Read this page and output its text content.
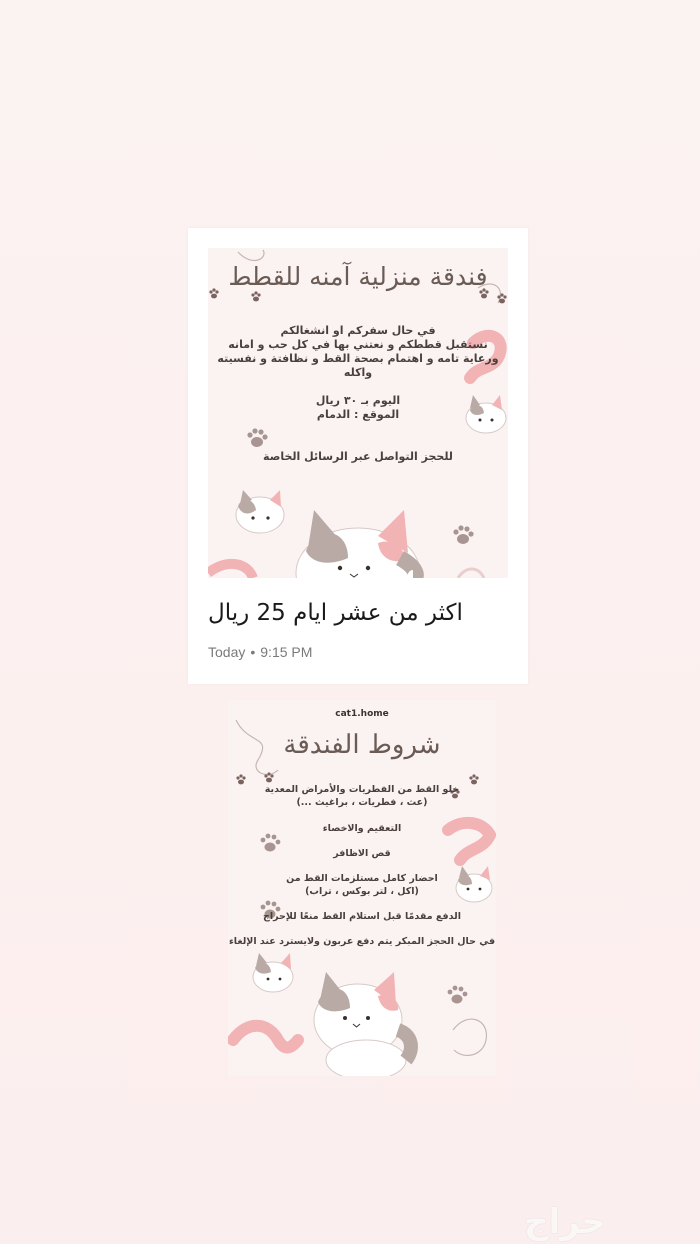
فندقة منزلية آمنه للقطط
في حال سفركم او انشغالكم
نستقبل قططكم و نعتني بها في كل حب و امانه
ورعاية تامه و اهتمام بصحة القط و نظافتة و نفسيته
واكله
اليوم بـ ٣٠ ريال
الموقع : الدمام
للحجز التواصل عبر الرسائل الخاصة
اكثر من عشر ايام 25 ريال
Today • 9:15 PM
cat1.home
شروط الفندقة
خلو القط من الفطريات والأمراض المعدية
(عث ، فطريات ، براغيث ...)
التعقيم والاخصاء
قص الاظافر
احضار كامل مستلزمات القط من
(اكل ، لتر بوكس ، تراب)
الدفع مقدمًا قبل استلام القط منعًا للإحراج
في حال الحجز المبكر يتم دفع عربون ولايسترد عند الإلغاء
حراج
